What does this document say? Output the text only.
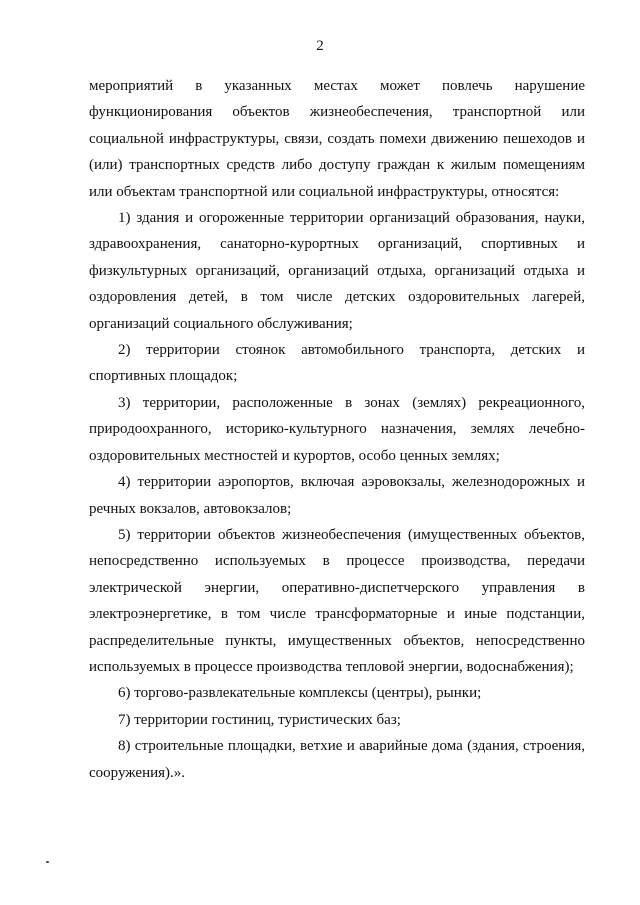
2

мероприятий в указанных местах может повлечь нарушение функционирования объектов жизнеобеспечения, транспортной или социальной инфраструктуры, связи, создать помехи движению пешеходов и (или) транспортных средств либо доступу граждан к жилым помещениям или объектам транспортной или социальной инфраструктуры, относятся:

1) здания и огороженные территории организаций образования, науки, здравоохранения, санаторно-курортных организаций, спортивных и физкультурных организаций, организаций отдыха, организаций отдыха и оздоровления детей, в том числе детских оздоровительных лагерей, организаций социального обслуживания;

2) территории стоянок автомобильного транспорта, детских и спортивных площадок;

3) территории, расположенные в зонах (землях) рекреационного, природоохранного, историко-культурного назначения, землях лечебно-оздоровительных местностей и курортов, особо ценных землях;

4) территории аэропортов, включая аэровокзалы, железнодорожных и речных вокзалов, автовокзалов;

5) территории объектов жизнеобеспечения (имущественных объектов, непосредственно используемых в процессе производства, передачи электрической энергии, оперативно-диспетчерского управления в электроэнергетике, в том числе трансформаторные и иные подстанции, распределительные пункты, имущественных объектов, непосредственно используемых в процессе производства тепловой энергии, водоснабжения);

6) торгово-развлекательные комплексы (центры), рынки;

7) территории гостиниц, туристических баз;

8) строительные площадки, ветхие и аварийные дома (здания, строения, сооружения).».
